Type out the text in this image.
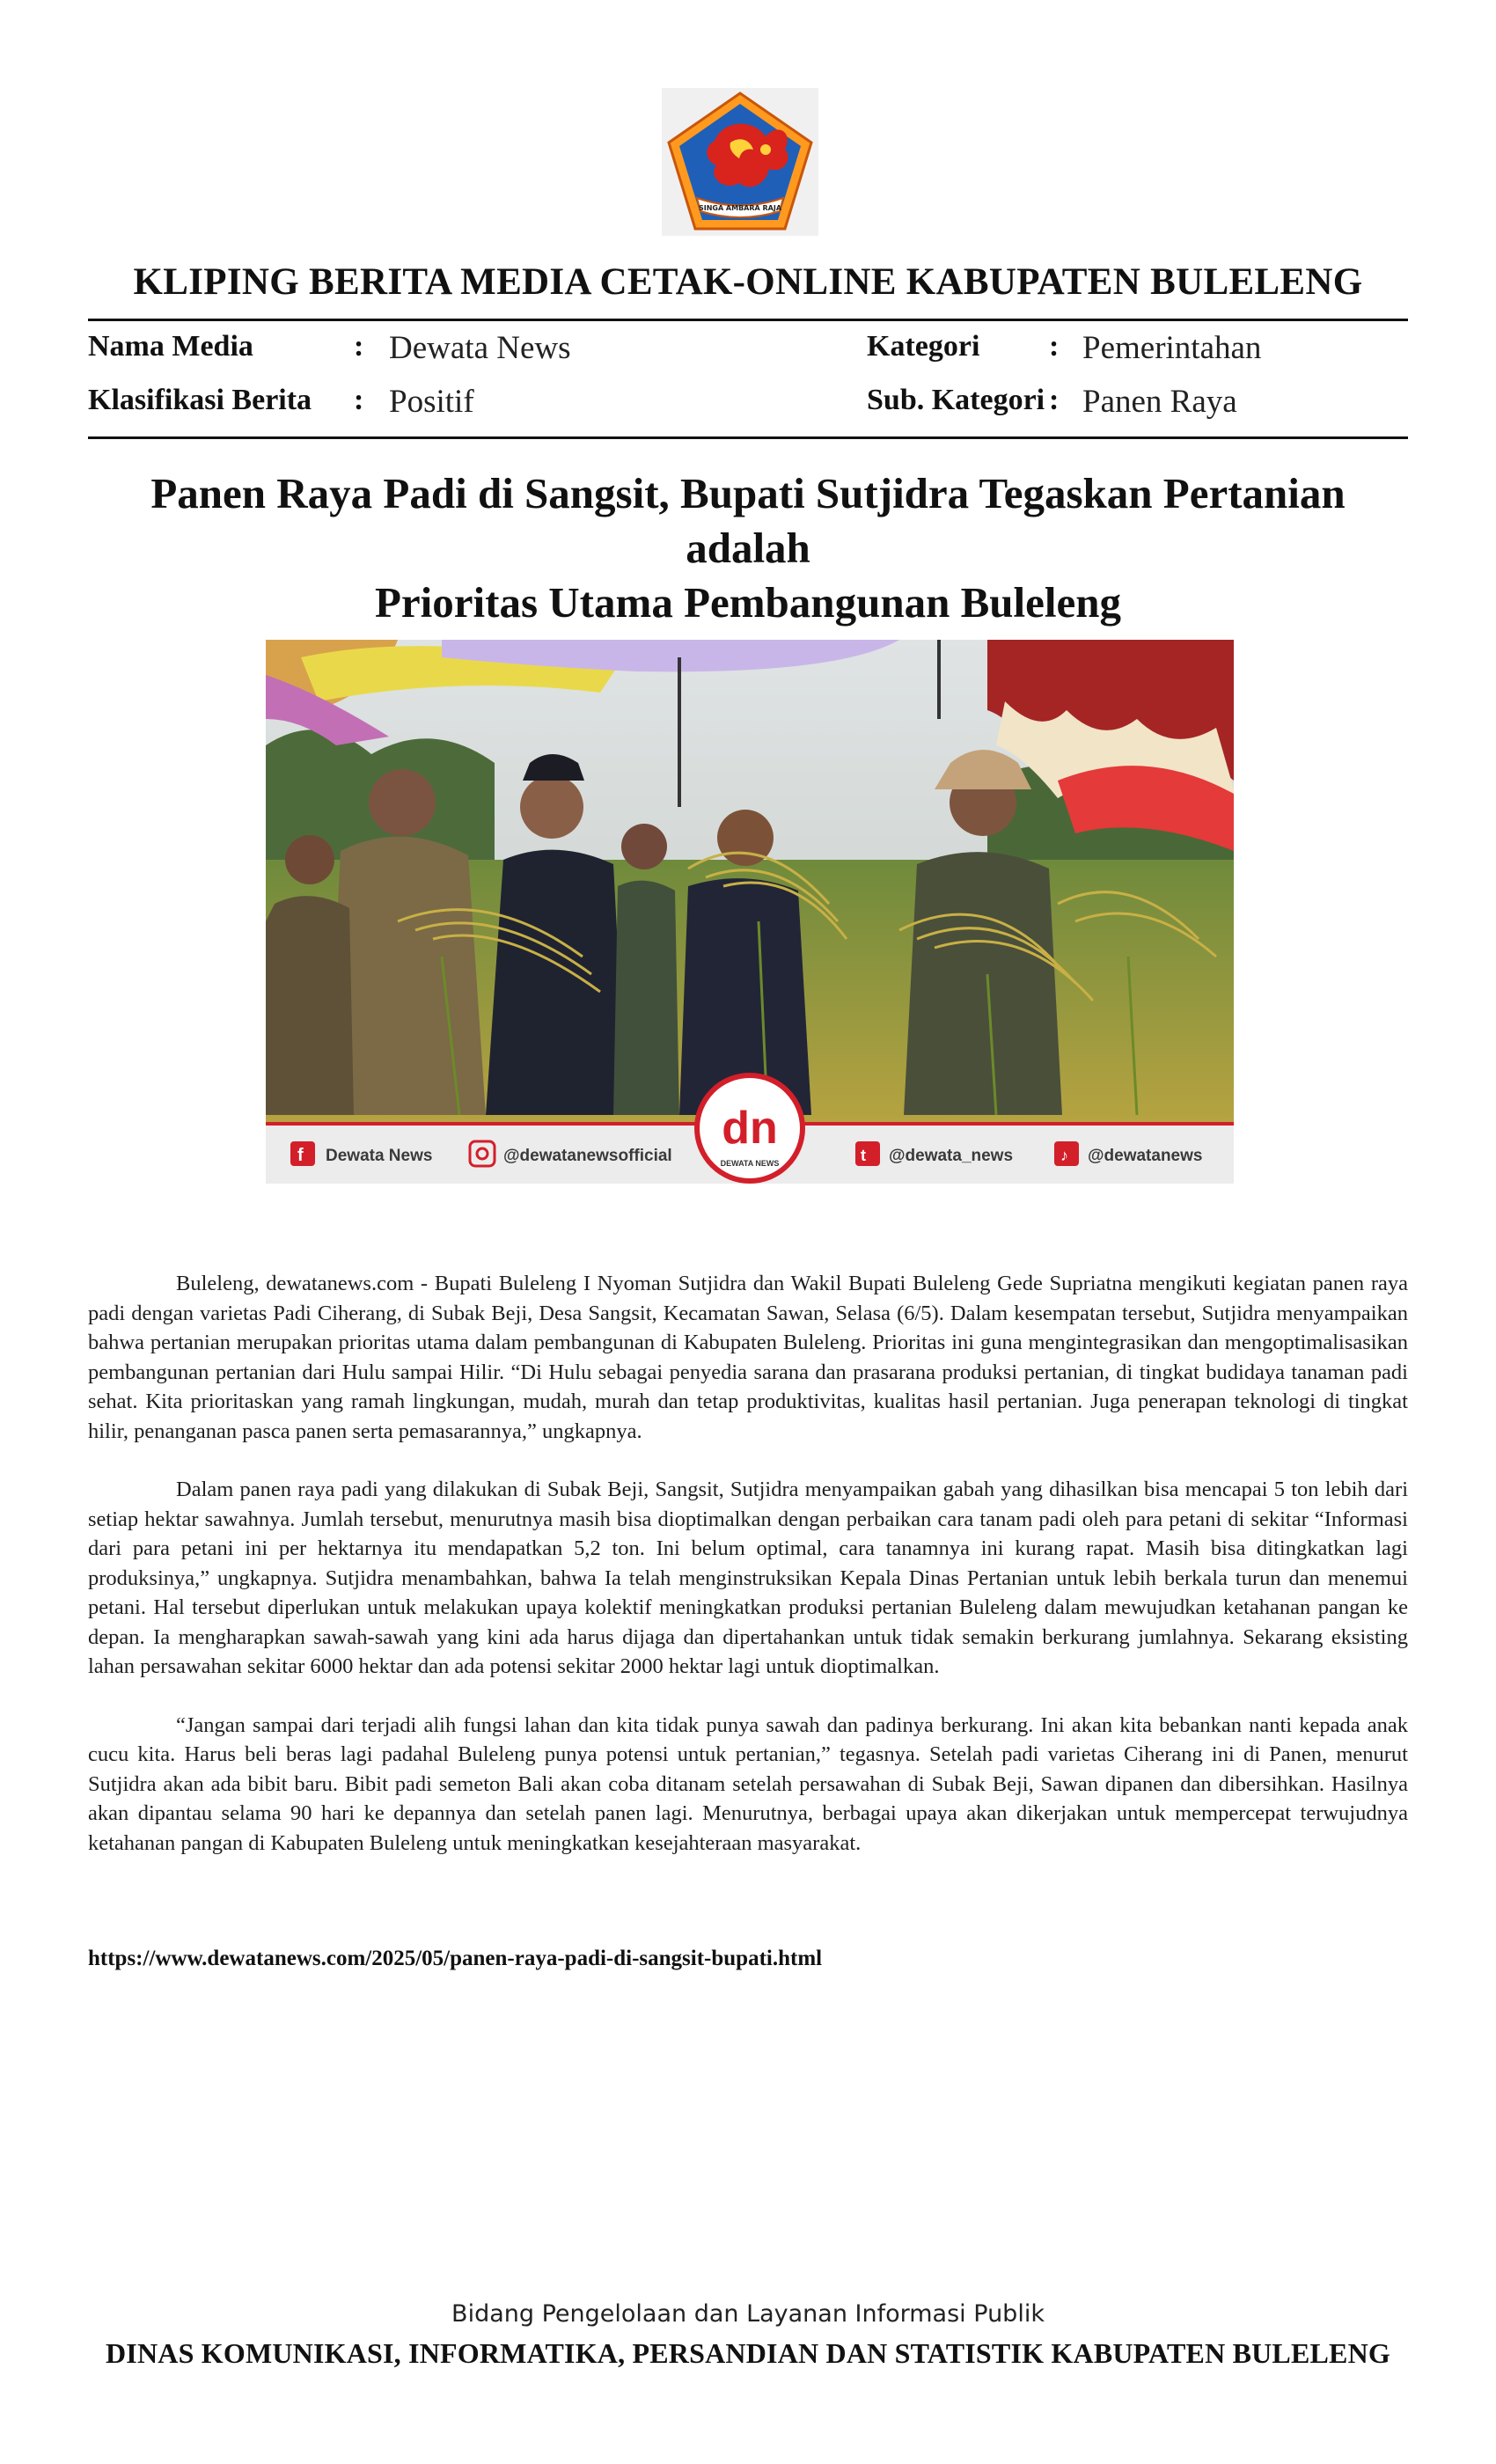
SINGA AMBARA RAJA
KLIPING BERITA MEDIA CETAK-ONLINE KABUPATEN BULELENG
Nama Media	: Dewata News
Klasifikasi Berita : Positif
Kategori : Pemerintahan
Sub. Kategori : Panen Raya
Panen Raya Padi di Sangsit, Bupati Sutjidra Tegaskan Pertanian adalah
Prioritas Utama Pembangunan Buleleng
f Dewata News	@dewatanewsofficial
dn
DEWATA NEWS	t @dewata_news	♪ @dewatanews

Buleleng, dewatanews.com - Bupati Buleleng I Nyoman Sutjidra dan Wakil Bupati Buleleng Gede Supriatna mengikuti kegiatan panen raya padi dengan varietas Padi Ciherang, di Subak Beji, Desa Sangsit, Kecamatan Sawan, Selasa (6/5). Dalam kesempatan tersebut, Sutjidra menyampaikan bahwa pertanian merupakan prioritas utama dalam pembangunan di Kabupaten Buleleng. Prioritas ini guna mengintegrasikan dan mengoptimalisasikan pembangunan pertanian dari Hulu sampai Hilir. “Di Hulu sebagai penyedia sarana dan prasarana produksi pertanian, di tingkat budidaya tanaman padi sehat. Kita prioritaskan yang ramah lingkungan, mudah, murah dan tetap produktivitas, kualitas hasil pertanian. Juga penerapan teknologi di tingkat hilir, penanganan pasca panen serta pemasarannya,” ungkapnya.

Dalam panen raya padi yang dilakukan di Subak Beji, Sangsit, Sutjidra menyampaikan gabah yang dihasilkan bisa mencapai 5 ton lebih dari setiap hektar sawahnya. Jumlah tersebut, menurutnya masih bisa dioptimalkan dengan perbaikan cara tanam padi oleh para petani di sekitar “Informasi dari para petani ini per hektarnya itu mendapatkan 5,2 ton. Ini belum optimal, cara tanamnya ini kurang rapat. Masih bisa ditingkatkan lagi produksinya,” ungkapnya. Sutjidra menambahkan, bahwa Ia telah menginstruksikan Kepala Dinas Pertanian untuk lebih berkala turun dan menemui petani. Hal tersebut diperlukan untuk melakukan upaya kolektif meningkatkan produksi pertanian Buleleng dalam mewujudkan ketahanan pangan ke depan. Ia mengharapkan sawah-sawah yang kini ada harus dijaga dan dipertahankan untuk tidak semakin berkurang jumlahnya. Sekarang eksisting lahan persawahan sekitar 6000 hektar dan ada potensi sekitar 2000 hektar lagi untuk dioptimalkan.

“Jangan sampai dari terjadi alih fungsi lahan dan kita tidak punya sawah dan padinya berkurang. Ini akan kita bebankan nanti kepada anak cucu kita. Harus beli beras lagi padahal Buleleng punya potensi untuk pertanian,” tegasnya. Setelah padi varietas Ciherang ini di Panen, menurut Sutjidra akan ada bibit baru. Bibit padi semeton Bali akan coba ditanam setelah persawahan di Subak Beji, Sawan dipanen dan dibersihkan. Hasilnya akan dipantau selama 90 hari ke depannya dan setelah panen lagi. Menurutnya, berbagai upaya akan dikerjakan untuk mempercepat terwujudnya ketahanan pangan di Kabupaten Buleleng untuk meningkatkan kesejahteraan masyarakat.

https://www.dewatanews.com/2025/05/panen-raya-padi-di-sangsit-bupati.html
Bidang Pengelolaan dan Layanan Informasi Publik
DINAS KOMUNIKASI, INFORMATIKA, PERSANDIAN DAN STATISTIK KABUPATEN BULELENG
